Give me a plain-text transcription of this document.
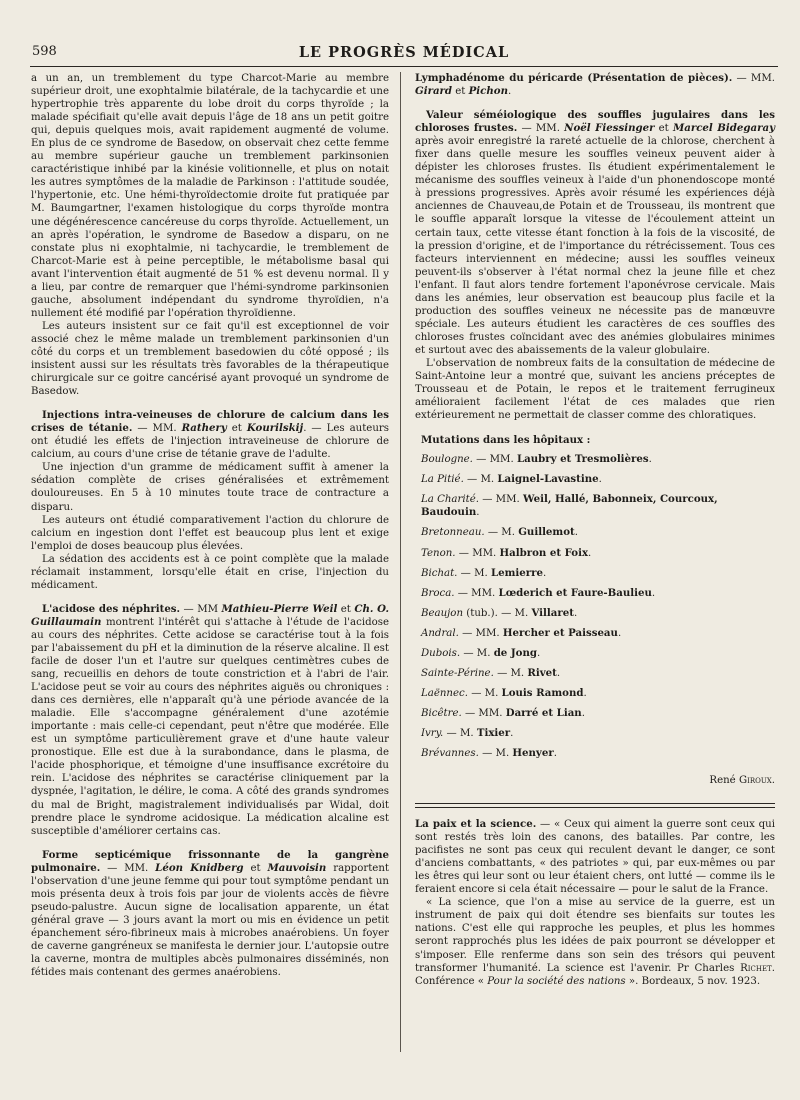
598	LE PROGRÈS MÉDICAL

a un an, un tremblement du type Charcot-Marie au membre supérieur droit, une exophtalmie bilatérale, de la tachycardie et une hypertrophie très apparente du lobe droit du corps thyroïde ; la malade spécifiait qu'elle avait depuis l'âge de 18 ans un petit goitre qui, depuis quelques mois, avait rapidement augmenté de volume. En plus de ce syndrome de Basedow, on observait chez cette femme au membre supérieur gauche un tremblement parkinsonien caractéristique inhibé par la kinésie volitionnelle, et plus on notait les autres symptômes de la maladie de Parkinson : l'attitude soudée, l'hypertonie, etc. Une hémi-thyroïdectomie droite fut pratiquée par M. Baumgartner, l'examen histologique du corps thyroïde montra une dégénérescence cancéreuse du corps thyroïde. Actuellement, un an après l'opération, le syndrome de Basedow a disparu, on ne constate plus ni exophtalmie, ni tachycardie, le tremblement de Charcot-Marie est à peine perceptible, le métabolisme basal qui avant l'intervention était augmenté de 51 % est devenu normal. Il y a lieu, par contre de remarquer que l'hémi-syndrome parkinsonien gauche, absolument indépendant du syndrome thyroïdien, n'a nullement été modifié par l'opération thyroïdienne.

Les auteurs insistent sur ce fait qu'il est exceptionnel de voir associé chez le même malade un tremblement parkinsonien d'un côté du corps et un tremblement basedowien du côté opposé ; ils insistent aussi sur les résultats très favorables de la thérapeutique chirurgicale sur ce goitre cancérisé ayant provoqué un syndrome de Basedow.

Injections intra-veineuses de chlorure de calcium dans les crises de tétanie. — MM. Rathery et Kourilskij. — Les auteurs ont étudié les effets de l'injection intraveineuse de chlorure de calcium, au cours d'une crise de tétanie grave de l'adulte.

Une injection d'un gramme de médicament suffit à amener la sédation complète de crises généralisées et extrêmement douloureuses. En 5 à 10 minutes toute trace de contracture a disparu.

Les auteurs ont étudié comparativement l'action du chlorure de calcium en ingestion dont l'effet est beaucoup plus lent et exige l'emploi de doses beaucoup plus élevées.

La sédation des accidents est à ce point complète que la malade réclamait instamment, lorsqu'elle était en crise, l'injection du médicament.

L'acidose des néphrites. — MM Mathieu-Pierre Weil et Ch. O. Guillaumain montrent l'intérêt qui s'attache à l'étude de l'acidose au cours des néphrites. Cette acidose se caractérise tout à la fois par l'abaissement du pH et la diminution de la réserve alcaline. Il est facile de doser l'un et l'autre sur quelques centimètres cubes de sang, recueillis en dehors de toute constriction et à l'abri de l'air. L'acidose peut se voir au cours des néphrites aiguës ou chroniques : dans ces dernières, elle n'apparaît qu'à une période avancée de la maladie. Elle s'accompagne généralement d'une azotémie importante : mais celle-ci cependant, peut n'être que modérée. Elle est un symptôme particulièrement grave et d'une haute valeur pronostique. Elle est due à la surabondance, dans le plasma, de l'acide phosphorique, et témoigne d'une insuffisance excrétoire du rein. L'acidose des néphrites se caractérise cliniquement par la dyspnée, l'agitation, le délire, le coma. A côté des grands syndromes du mal de Bright, magistralement individualisés par Widal, doit prendre place le syndrome acidosique. La médication alcaline est susceptible d'améliorer certains cas.

Forme septicémique frissonnante de la gangrène pulmonaire. — MM. Léon Knidberg et Mauvoisin rapportent l'observation d'une jeune femme qui pour tout symptôme pendant un mois présenta deux à trois fois par jour de violents accès de fièvre pseudo-palustre. Aucun signe de localisation apparente, un état général grave — 3 jours avant la mort ou mis en évidence un petit épanchement séro-fibrineux mais à microbes anaérobiens. Un foyer de caverne gangréneux se manifesta le dernier jour. L'autopsie outre la caverne, montra de multiples abcès pulmonaires disséminés, non fétides mais contenant des germes anaérobiens.

Lymphadénome du péricarde (Présentation de pièces). — MM. Girard et Pichon.

Valeur séméiologique des souffles jugulaires dans les chloroses frustes. — MM. Noël Fiessinger et Marcel Bidegaray après avoir enregistré la rareté actuelle de la chlorose, cherchent à fixer dans quelle mesure les souffles veineux peuvent aider à dépister les chloroses frustes. Ils étudient expérimentalement le mécanisme des souffles veineux à l'aide d'un phonendoscope monté à pressions progressives. Après avoir résumé les expériences déjà anciennes de Chauveau,de Potain et de Trousseau, ils montrent que le souffle apparaît lorsque la vitesse de l'écoulement atteint un certain taux, cette vitesse étant fonction à la fois de la viscosité, de la pression d'origine, et de l'importance du rétrécissement. Tous ces facteurs interviennent en médecine; aussi les souffles veineux peuvent-ils s'observer à l'état normal chez la jeune fille et chez l'enfant. Il faut alors tendre fortement l'aponévrose cervicale. Mais dans les anémies, leur observation est beaucoup plus facile et la production des souffles veineux ne nécessite pas de manœuvre spéciale. Les auteurs étudient les caractères de ces souffles des chloroses frustes coïncidant avec des anémies globulaires minimes et surtout avec des abaissements de la valeur globulaire.

L'observation de nombreux faits de la consultation de médecine de Saint-Antoine leur a montré que, suivant les anciens préceptes de Trousseau et de Potain, le repos et le traitement ferrugineux amélioraient facilement l'état de ces malades que rien extérieurement ne permettait de classer comme des chloratiques.

Mutations dans les hôpitaux :

Boulogne. — MM. Laubry et Tresmolières.
La Pitié. — M. Laignel-Lavastine.
La Charité. — MM. Weil, Hallé, Babonneix, Courcoux, Baudouin.
Bretonneau. — M. Guillemot.
Tenon. — MM. Halbron et Foix.
Bichat. — M. Lemierre.
Broca. — MM. Lœderich et Faure-Baulieu.
Beaujon (tub.). — M. Villaret.
Andral. — MM. Hercher et Paisseau.
Dubois. — M. de Jong.
Sainte-Périne. — M. Rivet.
Laënnec. — M. Louis Ramond.
Bicêtre. — MM. Darré et Lian.
Ivry. — M. Tixier.
Brévannes. — M. Henyer.

René Giroux.

La paix et la science. — « Ceux qui aiment la guerre sont ceux qui sont restés très loin des canons, des batailles. Par contre, les pacifistes ne sont pas ceux qui reculent devant le danger, ce sont d'anciens combattants, « des patriotes » qui, par eux-mêmes ou par les êtres qui leur sont ou leur étaient chers, ont lutté — comme ils le feraient encore si cela était nécessaire — pour le salut de la France.

« La science, que l'on a mise au service de la guerre, est un instrument de paix qui doit étendre ses bienfaits sur toutes les nations. C'est elle qui rapproche les peuples, et plus les hommes seront rapprochés plus les idées de paix pourront se développer et s'imposer. Elle renferme dans son sein des trésors qui peuvent transformer l'humanité. La science est l'avenir. Pr Charles Richet. Conférence « Pour la société des nations ». Bordeaux, 5 nov. 1923.
